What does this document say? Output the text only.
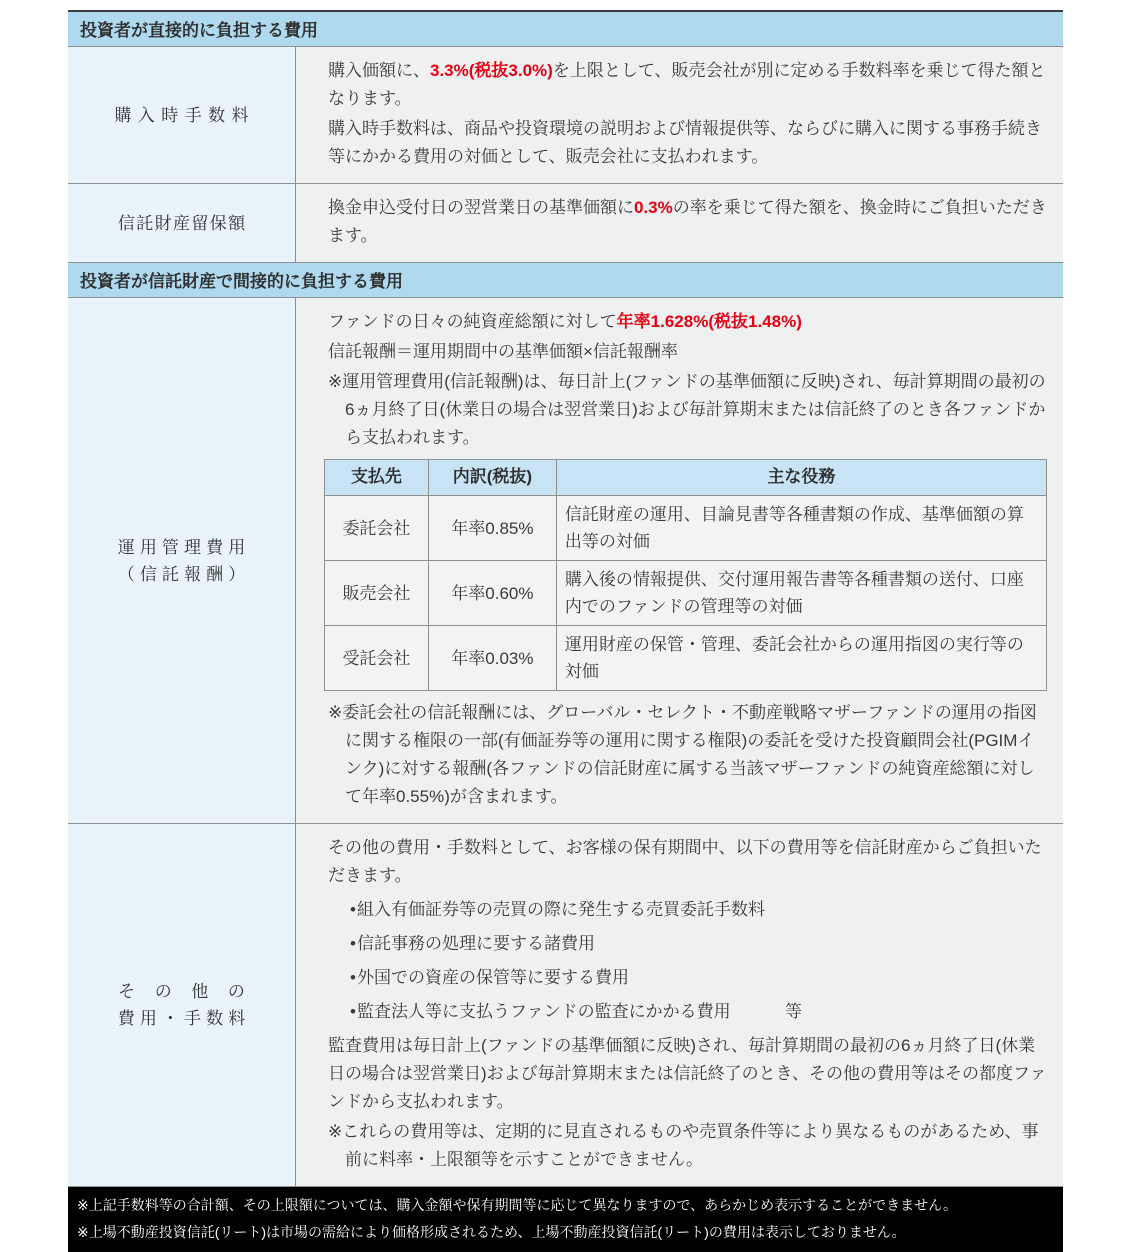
投資者が直接的に負担する費用
購入時手数料

購入価額に、3.3%(税抜3.0%)を上限として、販売会社が別に定める手数料率を乗じて得た額となります。

購入時手数料は、商品や投資環境の説明および情報提供等、ならびに購入に関する事務手続き等にかかる費用の対価として、販売会社に支払われます。

信託財産留保額

換金申込受付日の翌営業日の基準価額に0.3%の率を乗じて得た額を、換金時にご負担いただきます。

投資者が信託財産で間接的に負担する費用
運用管理費用
（信託報酬）

ファンドの日々の純資産総額に対して年率1.628%(税抜1.48%)

信託報酬＝運用期間中の基準価額×信託報酬率

※運用管理費用(信託報酬)は、毎日計上(ファンドの基準価額に反映)され、毎計算期間の最初の6ヵ月終了日(休業日の場合は翌営業日)および毎計算期末または信託終了のとき各ファンドから支払われます。

支払先	内訳(税抜)	主な役務
委託会社	年率0.85%	信託財産の運用、目論見書等各種書類の作成、基準価額の算出等の対価
販売会社	年率0.60%	購入後の情報提供、交付運用報告書等各種書類の送付、口座内でのファンドの管理等の対価
受託会社	年率0.03%	運用財産の保管・管理、委託会社からの運用指図の実行等の対価

※委託会社の信託報酬には、グローバル・セレクト・不動産戦略マザーファンドの運用の指図に関する権限の一部(有価証券等の運用に関する権限)の委託を受けた投資顧問会社(PGIMインク)に対する報酬(各ファンドの信託財産に属する当該マザーファンドの純資産総額に対して年率0.55%)が含まれます。

その他の
費用・手数料

その他の費用・手数料として、お客様の保有期間中、以下の費用等を信託財産からご負担いただきます。

•組入有価証券等の売買の際に発生する売買委託手数料
•信託事務の処理に要する諸費用
•外国での資産の保管等に要する費用
•監査法人等に支払うファンドの監査にかかる費用	等

監査費用は毎日計上(ファンドの基準価額に反映)され、毎計算期間の最初の6ヵ月終了日(休業日の場合は翌営業日)および毎計算期末または信託終了のとき、その他の費用等はその都度ファンドから支払われます。

※これらの費用等は、定期的に見直されるものや売買条件等により異なるものがあるため、事前に料率・上限額等を示すことができません。

※上記手数料等の合計額、その上限額については、購入金額や保有期間等に応じて異なりますので、あらかじめ表示することができません。

※上場不動産投資信託(リート)は市場の需給により価格形成されるため、上場不動産投資信託(リート)の費用は表示しておりません。
